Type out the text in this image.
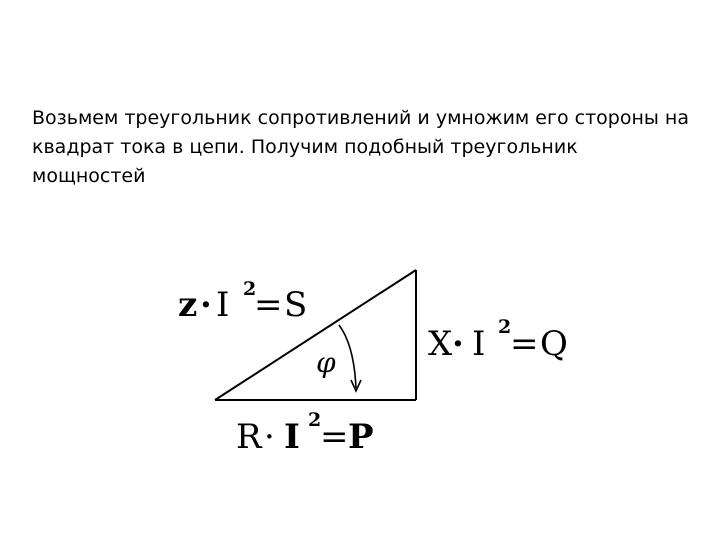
Возьмем треугольник сопротивлений и умножим его стороны на квадрат тока в цепи. Получим подобный треугольник мощностей

φ
z · I 2
= S
X · I 2
= Q
R · I 2
= P
